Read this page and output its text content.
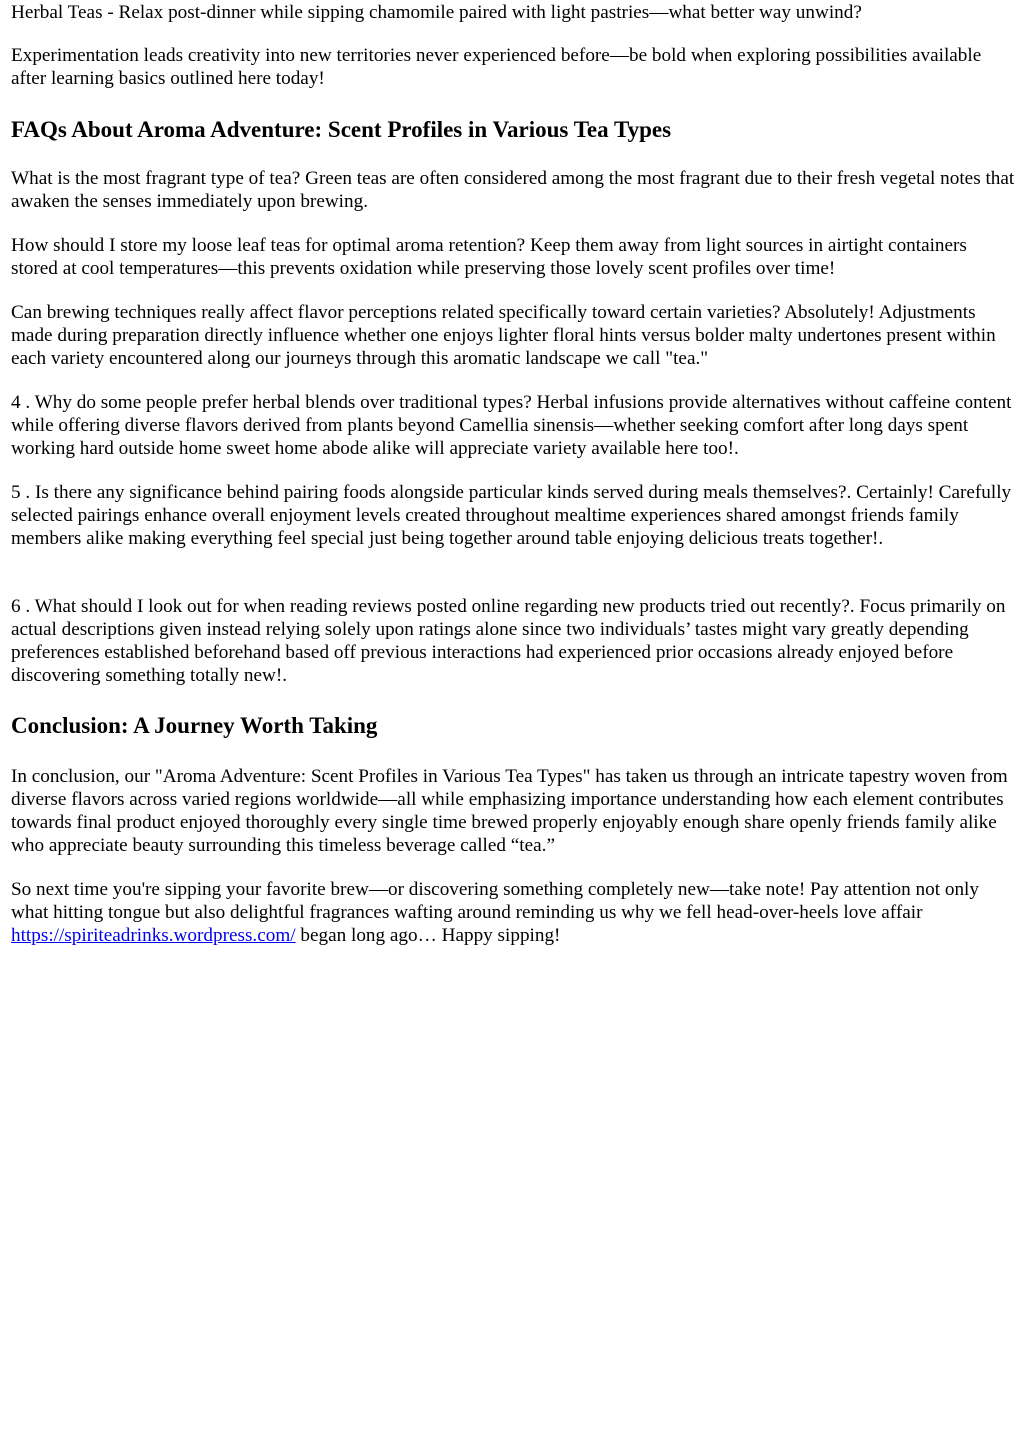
Herbal Teas - Relax post-dinner while sipping chamomile paired with light pastries—what better way unwind?

Experimentation leads creativity into new territories never experienced before—be bold when exploring possibilities available after learning basics outlined here today!

FAQs About Aroma Adventure: Scent Profiles in Various Tea Types

What is the most fragrant type of tea? Green teas are often considered among the most fragrant due to their fresh vegetal notes that awaken the senses immediately upon brewing.

How should I store my loose leaf teas for optimal aroma retention? Keep them away from light sources in airtight containers stored at cool temperatures—this prevents oxidation while preserving those lovely scent profiles over time!

Can brewing techniques really affect flavor perceptions related specifically toward certain varieties? Absolutely! Adjustments made during preparation directly influence whether one enjoys lighter floral hints versus bolder malty undertones present within each variety encountered along our journeys through this aromatic landscape we call "tea."

4 . Why do some people prefer herbal blends over traditional types? Herbal infusions provide alternatives without caffeine content while offering diverse flavors derived from plants beyond Camellia sinensis—whether seeking comfort after long days spent working hard outside home sweet home abode alike will appreciate variety available here too!.

5 . Is there any significance behind pairing foods alongside particular kinds served during meals themselves?. Certainly! Carefully selected pairings enhance overall enjoyment levels created throughout mealtime experiences shared amongst friends family members alike making everything feel special just being together around table enjoying delicious treats together!.

6 . What should I look out for when reading reviews posted online regarding new products tried out recently?. Focus primarily on actual descriptions given instead relying solely upon ratings alone since two individuals’ tastes might vary greatly depending preferences established beforehand based off previous interactions had experienced prior occasions already enjoyed before discovering something totally new!.

Conclusion: A Journey Worth Taking

In conclusion, our "Aroma Adventure: Scent Profiles in Various Tea Types" has taken us through an intricate tapestry woven from diverse flavors across varied regions worldwide—all while emphasizing importance understanding how each element contributes towards final product enjoyed thoroughly every single time brewed properly enjoyably enough share openly friends family alike who appreciate beauty surrounding this timeless beverage called “tea.”

So next time you're sipping your favorite brew—or discovering something completely new—take note! Pay attention not only what hitting tongue but also delightful fragrances wafting around reminding us why we fell head-over-heels love affair https://spiriteadrinks.wordpress.com/ began long ago… Happy sipping!
